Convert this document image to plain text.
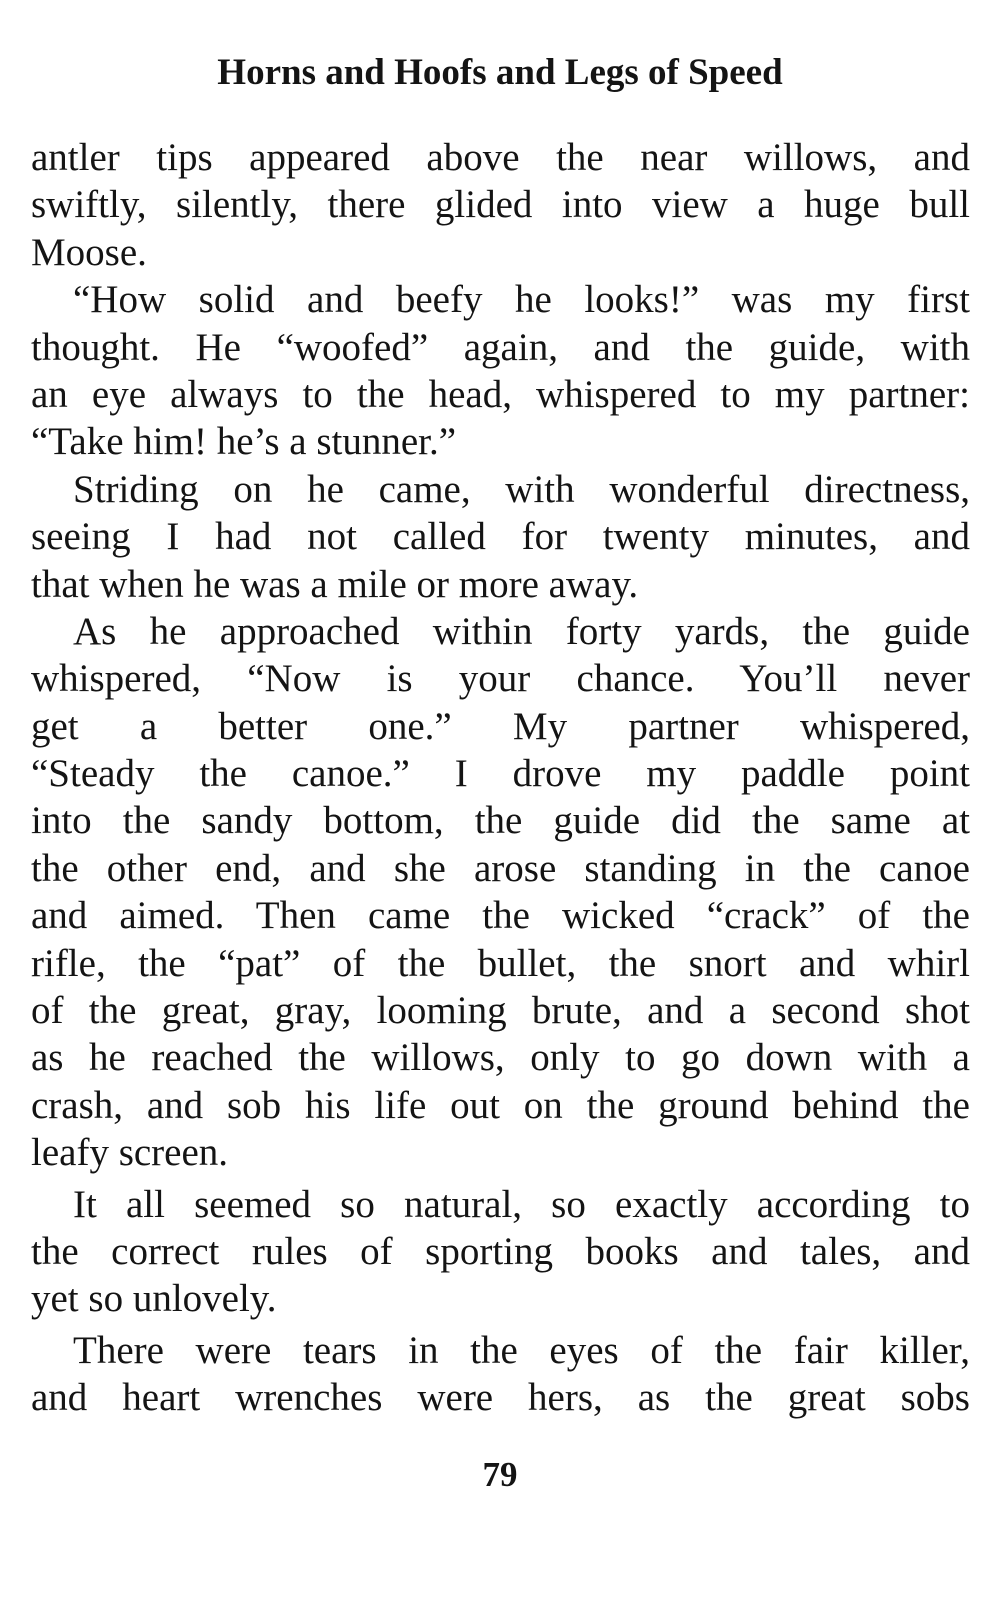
Horns and Hoofs and Legs of Speed
antler tips appeared above the near willows, and
swiftly, silently, there glided into view a huge bull
Moose.
“How solid and beefy he looks!” was my first
thought. He “woofed” again, and the guide, with
an eye always to the head, whispered to my partner:
“Take him! he’s a stunner.”
Striding on he came, with wonderful directness,
seeing I had not called for twenty minutes, and
that when he was a mile or more away.
As he approached within forty yards, the guide
whispered, “Now is your chance. You’ll never
get a better one.” My partner whispered,
“Steady the canoe.” I drove my paddle point
into the sandy bottom, the guide did the same at
the other end, and she arose standing in the canoe
and aimed. Then came the wicked “crack” of the
rifle, the “pat” of the bullet, the snort and whirl
of the great, gray, looming brute, and a second shot
as he reached the willows, only to go down with a
crash, and sob his life out on the ground behind the
leafy screen.
It all seemed so natural, so exactly according to
the correct rules of sporting books and tales, and
yet so unlovely.
There were tears in the eyes of the fair killer,
and heart wrenches were hers, as the great sobs
79
